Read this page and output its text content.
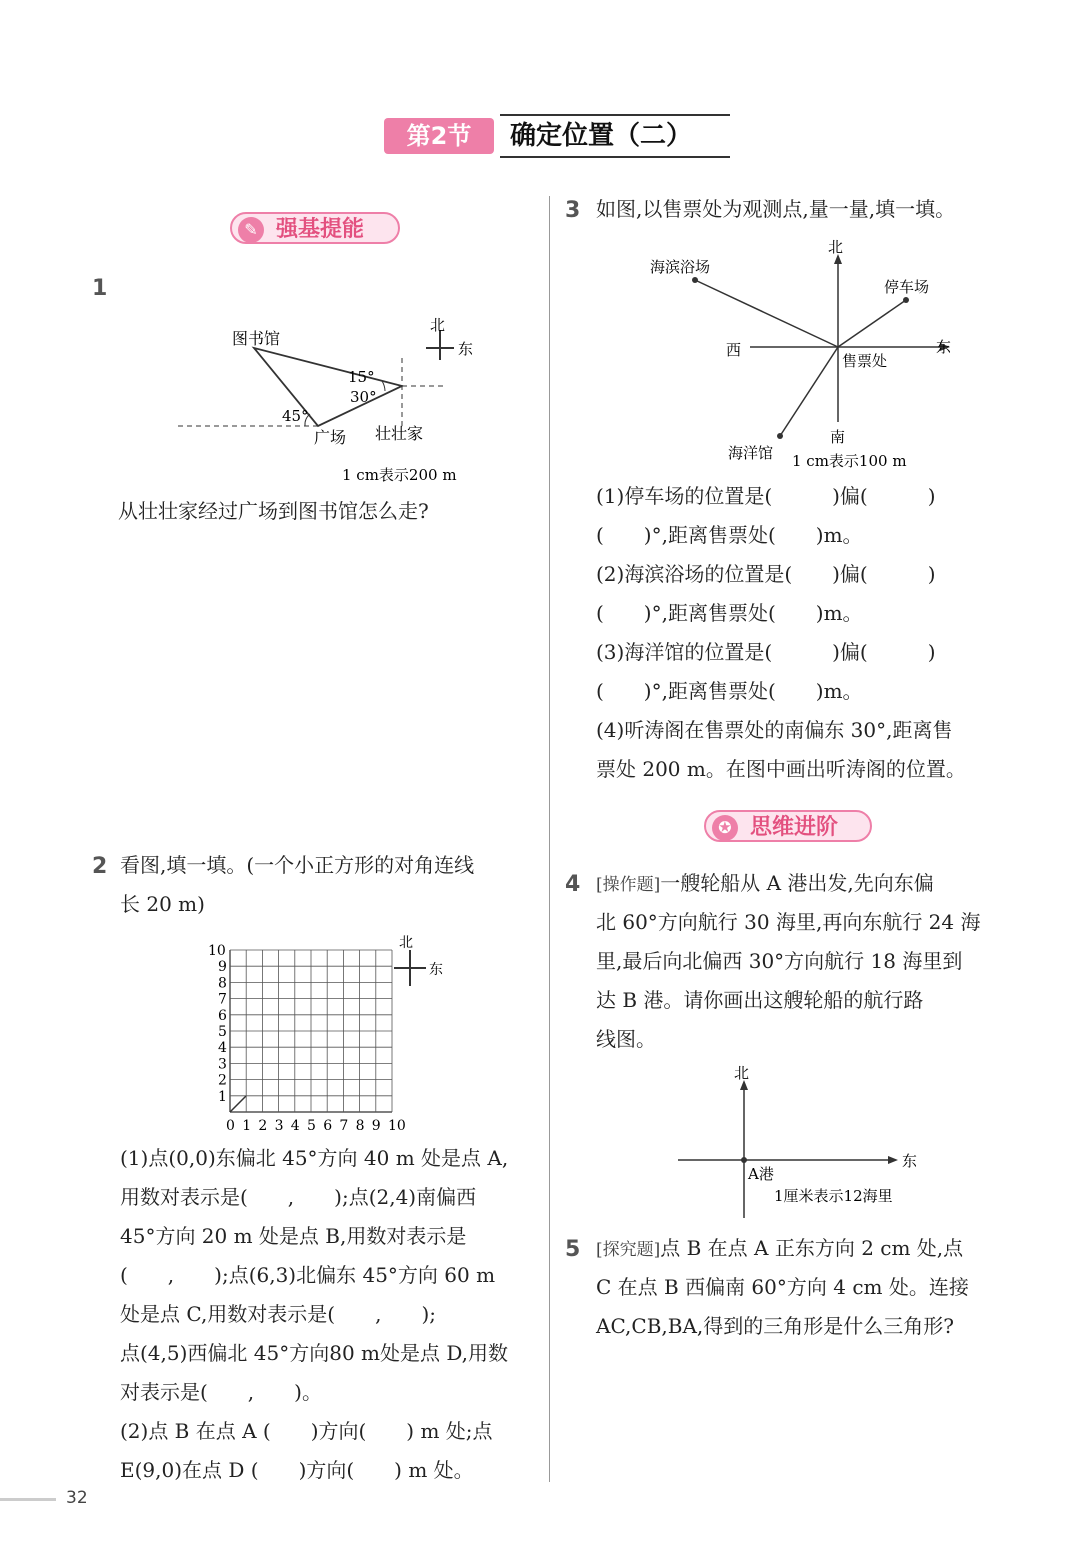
第2节	确定位置（二）
✎ 强基提能
1
图书馆
广场 壮壮家
北
东
15°
30°
45°
1 cm表示200 m
从壮壮家经过广场到图书馆怎么走?
2 看图,填一填。(一个小正方形的对角连线
长 20 m)
北
东
0 1 2 3 4 5 6 7 8 9 10
1
2
3
4
5
6
7
8
9
10
(1)点(0,0)东偏北 45°方向 40 m 处是点 A,
用数对表示是(　　,　　);点(2,4)南偏西
45°方向 20 m 处是点 B,用数对表示是
(　　,　　);点(6,3)北偏东 45°方向 60 m
处是点 C,用数对表示是(　　,　　);
点(4,5)西偏北 45°方向80 m处是点 D,用数
对表示是(　　,　　)。
(2)点 B 在点 A (　　)方向(　　) m 处;点
E(9,0)在点 D (　　)方向(　　) m 处。
3 如图,以售票处为观测点,量一量,填一填。
北
南
东
西
海滨浴场
停车场
售票处
海洋馆 1 cm表示100 m
(1)停车场的位置是(　　　)偏(　　　)
(　　)°,距离售票处(　　)m。
(2)海滨浴场的位置是(　　)偏(　　　)
(　　)°,距离售票处(　　)m。
(3)海洋馆的位置是(　　　)偏(　　　)
(　　)°,距离售票处(　　)m。
(4)听涛阁在售票处的南偏东 30°,距离售
票处 200 m。在图中画出听涛阁的位置。
✪ 思维进阶
4 [操作题]一艘轮船从 A 港出发,先向东偏
北 60°方向航行 30 海里,再向东航行 24 海
里,最后向北偏西 30°方向航行 18 海里到
达 B 港。请你画出这艘轮船的航行路
线图。
北
东
A港
1厘米表示12海里
5 [探究题]点 B 在点 A 正东方向 2 cm 处,点
C 在点 B 西偏南 60°方向 4 cm 处。连接
AC,CB,BA,得到的三角形是什么三角形?
32
